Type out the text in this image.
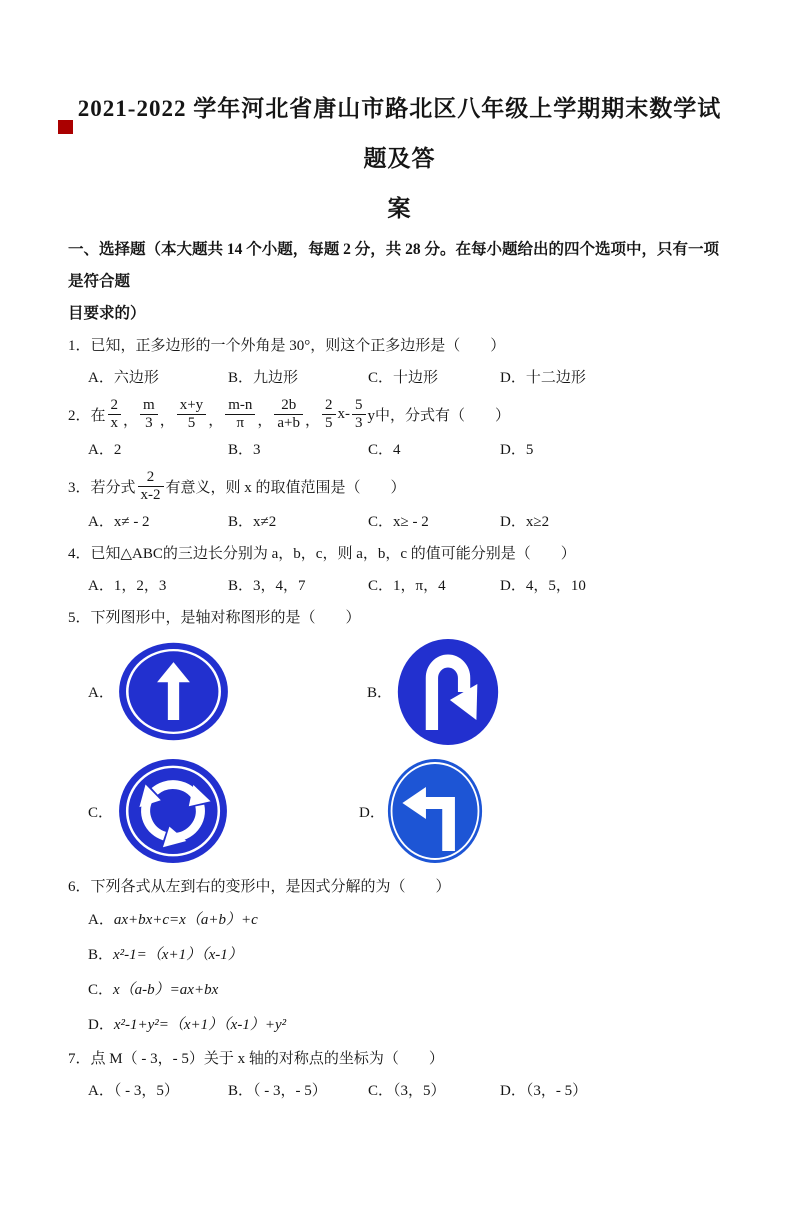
2021-2022 学年河北省唐山市路北区八年级上学期期末数学试题及答
案
一、选择题（本大题共 14 个小题，每题 2 分，共 28 分。在每小题给出的四个选项中，只有一项是符合题
目要求的）
1．已知，正多边形的一个外角是 30°，则这个正多边形是（　　）
A．六边形	B．九边形	C．十边形	D．十二边形
2．在 $\frac{2}{x}$ ， $\frac{m}{3}$ ， $\frac{x+y}{5}$ ， $\frac{m-n}{\pi}$ ， $\frac{2b}{a+b}$ ， $\frac{2}{5} x- \frac{5}{3}$ y中，分式有（　　）
A．2	B．3	C．4	D．5
3．若分式 $\frac{2}{x-2}$ 有意义，则 x 的取值范围是（　　）
A．x≠ - 2	B．x≠2	C．x≥ - 2	D．x≥2
4．已知△ABC的三边长分别为 a，b，c，则 a，b，c 的值可能分别是（　　）
A．1，2，3	B．3，4，7	C．1，π，4	D．4，5，10
5．下列图形中，是轴对称图形的是（　　）
A．	B．
C．	D．
6．下列各式从左到右的变形中，是因式分解的为（　　）
A．ax+bx+c=x（a+b）+c
B．x²-1=（x+1）（x-1）
C．x（a-b）=ax+bx
D．x²-1+y²=（x+1）（x-1）+y²
7．点 M（ - 3，- 5）关于 x 轴的对称点的坐标为（　　）
A．（ - 3，5）	B．（ - 3，- 5）	C．（3，5）	D．（3，- 5）
